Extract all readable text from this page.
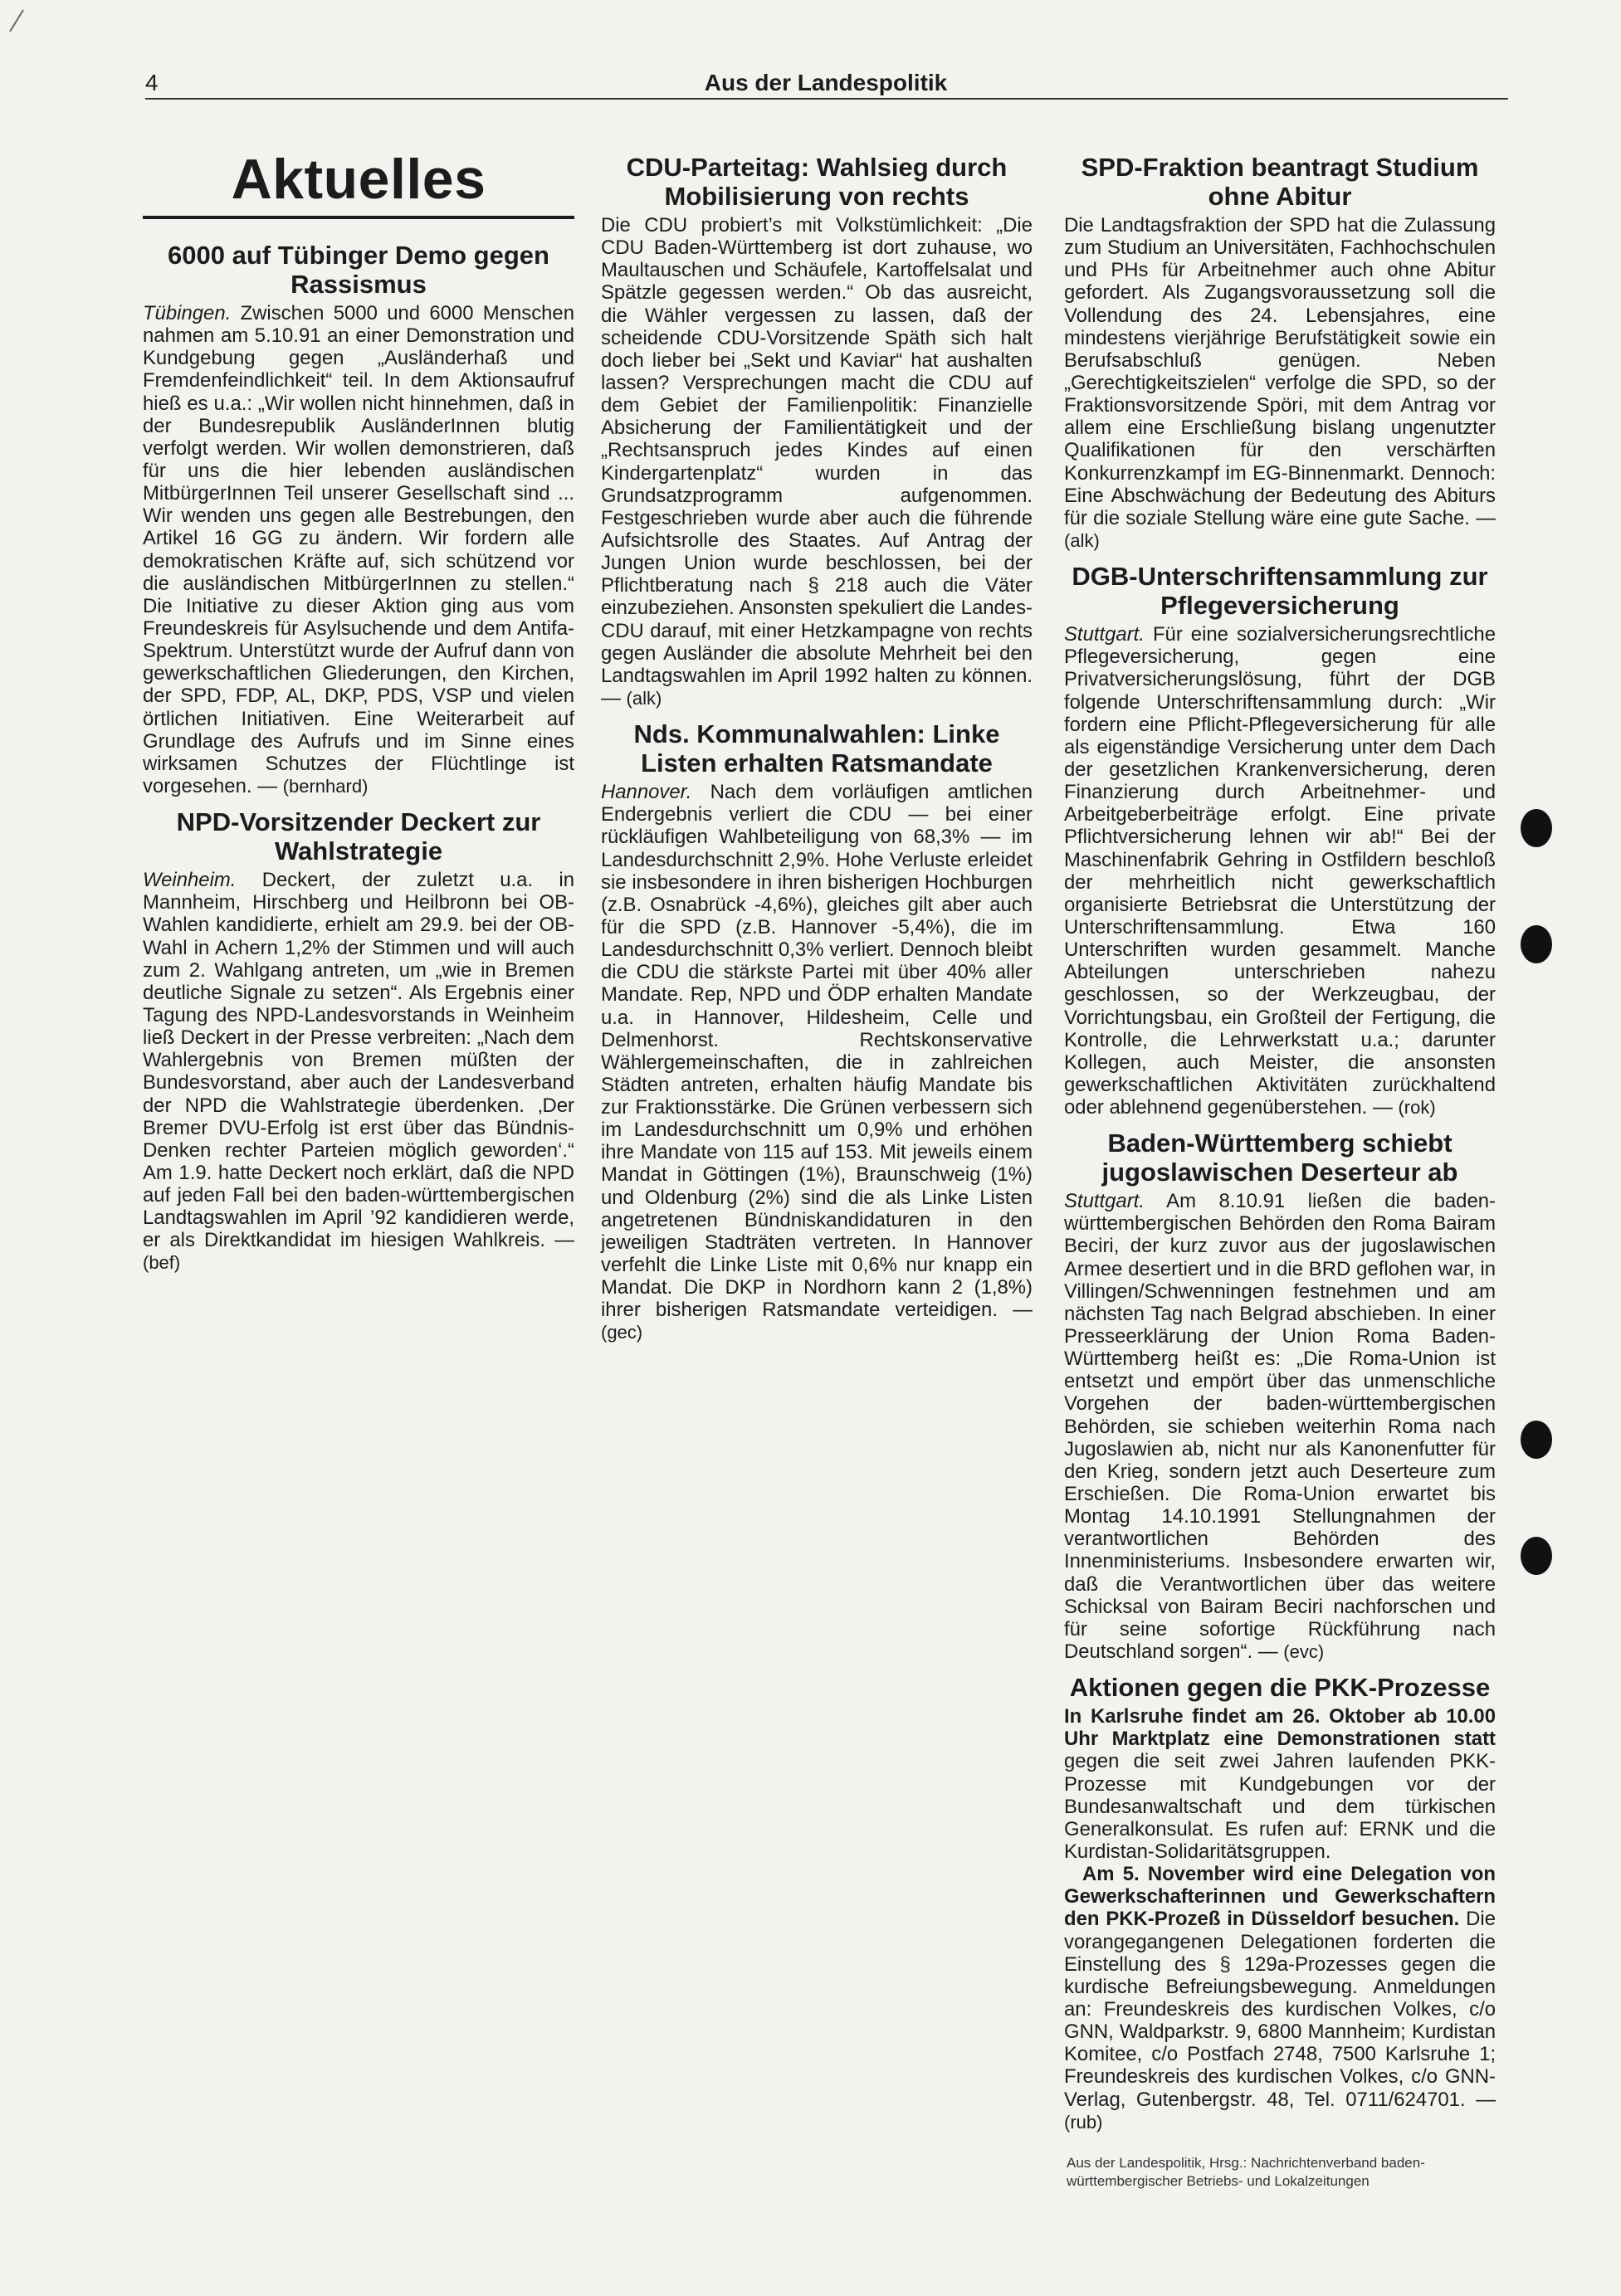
4	Aus der Landespolitik
Aktuelles
6000 auf Tübinger Demo gegen Rassismus

Tübingen. Zwischen 5000 und 6000 Menschen nahmen am 5.10.91 an einer Demonstration und Kundgebung gegen „Ausländerhaß und Fremdenfeindlichkeit“ teil. In dem Aktionsaufruf hieß es u.a.: „Wir wollen nicht hinnehmen, daß in der Bundesrepublik AusländerInnen blutig verfolgt werden. Wir wollen demonstrieren, daß für uns die hier lebenden ausländischen MitbürgerInnen Teil unserer Gesellschaft sind ... Wir wenden uns gegen alle Bestrebungen, den Artikel 16 GG zu ändern. Wir fordern alle demokratischen Kräfte auf, sich schützend vor die ausländischen MitbürgerInnen zu stellen.“ Die Initiative zu dieser Aktion ging aus vom Freundeskreis für Asylsuchende und dem Antifa-Spektrum. Unterstützt wurde der Aufruf dann von gewerkschaftlichen Gliederungen, den Kirchen, der SPD, FDP, AL, DKP, PDS, VSP und vielen örtlichen Initiativen. Eine Weiterarbeit auf Grundlage des Aufrufs und im Sinne eines wirksamen Schutzes der Flüchtlinge ist vorgesehen. — (bernhard)

NPD-Vorsitzender Deckert zur Wahlstrategie

Weinheim. Deckert, der zuletzt u.a. in Mannheim, Hirschberg und Heilbronn bei OB-Wahlen kandidierte, erhielt am 29.9. bei der OB-Wahl in Achern 1,2% der Stimmen und will auch zum 2. Wahlgang antreten, um „wie in Bremen deutliche Signale zu setzen“. Als Ergebnis einer Tagung des NPD-Landesvorstands in Weinheim ließ Deckert in der Presse verbreiten: „Nach dem Wahlergebnis von Bremen müßten der Bundesvorstand, aber auch der Landesverband der NPD die Wahlstrategie überdenken. ‚Der Bremer DVU-Erfolg ist erst über das Bündnis-Denken rechter Parteien möglich geworden‘.“ Am 1.9. hatte Deckert noch erklärt, daß die NPD auf jeden Fall bei den baden-württembergischen Landtagswahlen im April ’92 kandidieren werde, er als Direktkandidat im hiesigen Wahlkreis. — (bef)

CDU-Parteitag: Wahlsieg durch Mobilisierung von rechts

Die CDU probiert’s mit Volkstümlichkeit: „Die CDU Baden-Württemberg ist dort zuhause, wo Maultauschen und Schäufele, Kartoffelsalat und Spätzle gegessen werden.“ Ob das ausreicht, die Wähler vergessen zu lassen, daß der scheidende CDU-Vorsitzende Späth sich halt doch lieber bei „Sekt und Kaviar“ hat aushalten lassen? Versprechungen macht die CDU auf dem Gebiet der Familienpolitik: Finanzielle Absicherung der Familientätigkeit und der „Rechtsanspruch jedes Kindes auf einen Kindergartenplatz“ wurden in das Grundsatzprogramm aufgenommen. Festgeschrieben wurde aber auch die führende Aufsichtsrolle des Staates. Auf Antrag der Jungen Union wurde beschlossen, bei der Pflichtberatung nach § 218 auch die Väter einzubeziehen. Ansonsten spekuliert die Landes-CDU darauf, mit einer Hetzkampagne von rechts gegen Ausländer die absolute Mehrheit bei den Landtagswahlen im April 1992 halten zu können. — (alk)

Nds. Kommunalwahlen: Linke Listen erhalten Ratsmandate

Hannover. Nach dem vorläufigen amtlichen Endergebnis verliert die CDU — bei einer rückläufigen Wahlbeteiligung von 68,3% — im Landesdurchschnitt 2,9%. Hohe Verluste erleidet sie insbesondere in ihren bisherigen Hochburgen (z.B. Osnabrück -4,6%), gleiches gilt aber auch für die SPD (z.B. Hannover -5,4%), die im Landesdurchschnitt 0,3% verliert. Dennoch bleibt die CDU die stärkste Partei mit über 40% aller Mandate. Rep, NPD und ÖDP erhalten Mandate u.a. in Hannover, Hildesheim, Celle und Delmenhorst. Rechtskonservative Wählergemeinschaften, die in zahlreichen Städten antreten, erhalten häufig Mandate bis zur Fraktionsstärke. Die Grünen verbessern sich im Landesdurchschnitt um 0,9% und erhöhen ihre Mandate von 115 auf 153. Mit jeweils einem Mandat in Göttingen (1%), Braunschweig (1%) und Oldenburg (2%) sind die als Linke Listen angetretenen Bündniskandidaturen in den jeweiligen Stadträten vertreten. In Hannover verfehlt die Linke Liste mit 0,6% nur knapp ein Mandat. Die DKP in Nordhorn kann 2 (1,8%) ihrer bisherigen Ratsmandate verteidigen. — (gec)

SPD-Fraktion beantragt Studium ohne Abitur

Die Landtagsfraktion der SPD hat die Zulassung zum Studium an Universitäten, Fachhochschulen und PHs für Arbeitnehmer auch ohne Abitur gefordert. Als Zugangsvoraussetzung soll die Vollendung des 24. Lebensjahres, eine mindestens vierjährige Berufstätigkeit sowie ein Berufsabschluß genügen. Neben „Gerechtigkeitszielen“ verfolge die SPD, so der Fraktionsvorsitzende Spöri, mit dem Antrag vor allem eine Erschließung bislang ungenutzter Qualifikationen für den verschärften Konkurrenzkampf im EG-Binnenmarkt. Dennoch: Eine Abschwächung der Bedeutung des Abiturs für die soziale Stellung wäre eine gute Sache. — (alk)

DGB-Unterschriftensammlung zur Pflegeversicherung

Stuttgart. Für eine sozialversicherungsrechtliche Pflegeversicherung, gegen eine Privatversicherungslösung, führt der DGB folgende Unterschriftensammlung durch: „Wir fordern eine Pflicht-Pflegeversicherung für alle als eigenständige Versicherung unter dem Dach der gesetzlichen Krankenversicherung, deren Finanzierung durch Arbeitnehmer- und Arbeitgeberbeiträge erfolgt. Eine private Pflichtversicherung lehnen wir ab!“ Bei der Maschinenfabrik Gehring in Ostfildern beschloß der mehrheitlich nicht gewerkschaftlich organisierte Betriebsrat die Unterstützung der Unterschriftensammlung. Etwa 160 Unterschriften wurden gesammelt. Manche Abteilungen unterschrieben nahezu geschlossen, so der Werkzeugbau, der Vorrichtungsbau, ein Großteil der Fertigung, die Kontrolle, die Lehrwerkstatt u.a.; darunter Kollegen, auch Meister, die ansonsten gewerkschaftlichen Aktivitäten zurückhaltend oder ablehnend gegenüberstehen. — (rok)

Baden-Württemberg schiebt jugoslawischen Deserteur ab

Stuttgart. Am 8.10.91 ließen die baden-württembergischen Behörden den Roma Bairam Beciri, der kurz zuvor aus der jugoslawischen Armee desertiert und in die BRD geflohen war, in Villingen/Schwenningen festnehmen und am nächsten Tag nach Belgrad abschieben. In einer Presseerklärung der Union Roma Baden-Württemberg heißt es: „Die Roma-Union ist entsetzt und empört über das unmenschliche Vorgehen der baden-württembergischen Behörden, sie schieben weiterhin Roma nach Jugoslawien ab, nicht nur als Kanonenfutter für den Krieg, sondern jetzt auch Deserteure zum Erschießen. Die Roma-Union erwartet bis Montag 14.10.1991 Stellungnahmen der verantwortlichen Behörden des Innenministeriums. Insbesondere erwarten wir, daß die Verantwortlichen über das weitere Schicksal von Bairam Beciri nachforschen und für seine sofortige Rückführung nach Deutschland sorgen“. — (evc)

Aktionen gegen die PKK-Prozesse

In Karlsruhe findet am 26. Oktober ab 10.00 Uhr Marktplatz eine Demonstrationen statt gegen die seit zwei Jahren laufenden PKK-Prozesse mit Kundgebungen vor der Bundesanwaltschaft und dem türkischen Generalkonsulat. Es rufen auf: ERNK und die Kurdistan-Solidaritätsgruppen.

Am 5. November wird eine Delegation von Gewerkschafterinnen und Gewerkschaftern den PKK-Prozeß in Düsseldorf besuchen. Die vorangegangenen Delegationen forderten die Einstellung des § 129a-Prozesses gegen die kurdische Befreiungsbewegung. Anmeldungen an: Freundeskreis des kurdischen Volkes, c/o GNN, Waldparkstr. 9, 6800 Mannheim; Kurdistan Komitee, c/o Postfach 2748, 7500 Karlsruhe 1; Freundeskreis des kurdischen Volkes, c/o GNN-Verlag, Gutenbergstr. 48, Tel. 0711/624701. — (rub)

Aus der Landespolitik, Hrsg.: Nachrichtenverband baden-württembergischer Betriebs- und Lokalzeitungen
